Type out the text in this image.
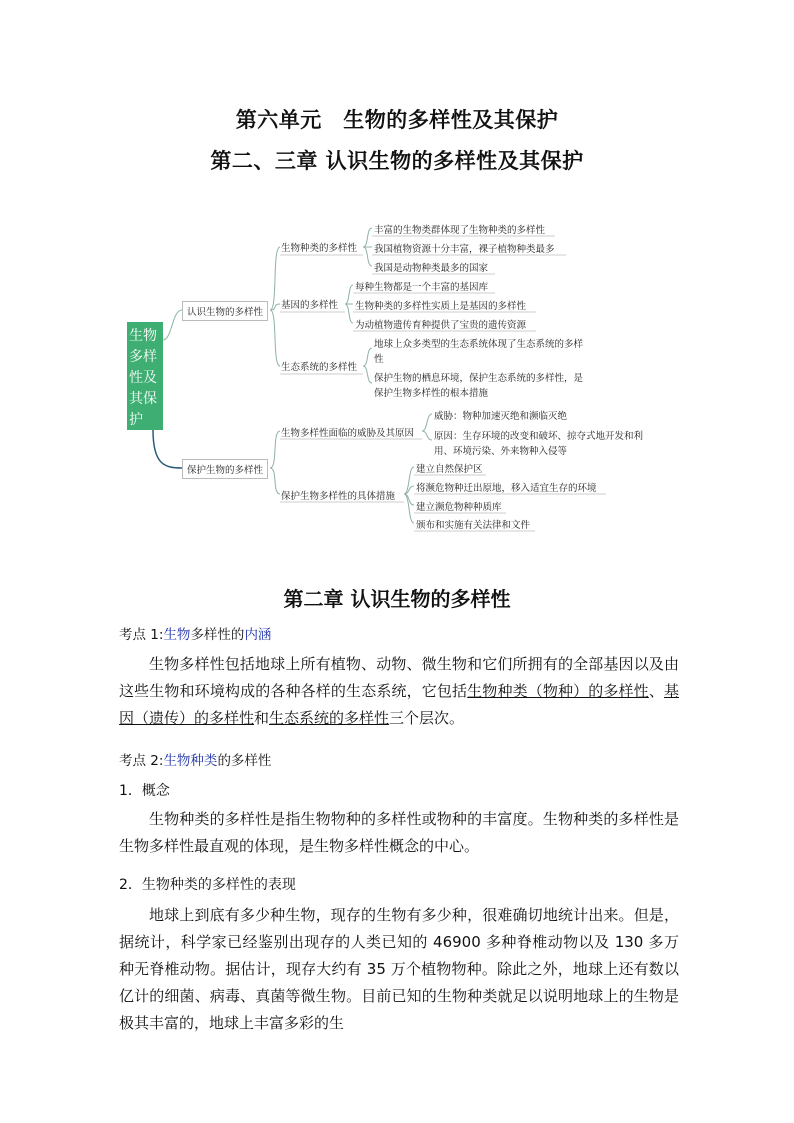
第六单元　生物的多样性及其保护
第二、三章 认识生物的多样性及其保护
生物多样性及其保护
认识生物的多样性
保护生物的多样性
生物种类的多样性
基因的多样性
生态系统的多样性
丰富的生物类群体现了生物种类的多样性
我国植物资源十分丰富，裸子植物种类最多
我国是动物种类最多的国家
每种生物都是一个丰富的基因库
生物种类的多样性实质上是基因的多样性
为动植物遗传育种提供了宝贵的遗传资源
地球上众多类型的生态系统体现了生态系统的多样
性
保护生物的栖息环境，保护生态系统的多样性，是
保护生物多样性的根本措施
生物多样性面临的威胁及其原因
保护生物多样性的具体措施
威胁：物种加速灭绝和濒临灭绝
原因：生存环境的改变和破坏、掠夺式地开发和利
用、环境污染、外来物种入侵等
建立自然保护区
将濒危物种迁出原地，移入适宜生存的环境
建立濒危物种种质库
颁布和实施有关法律和文件
第二章 认识生物的多样性
考点 1:生物多样性的内涵

生物多样性包括地球上所有植物、动物、微生物和它们所拥有的全部基因以及由这些生物和环境构成的各种各样的生态系统，它包括生物种类（物种）的多样性、基因（遗传）的多样性和生态系统的多样性三个层次。

考点 2:生物种类的多样性
1．概念

生物种类的多样性是指生物物种的多样性或物种的丰富度。生物种类的多样性是生物多样性最直观的体现，是生物多样性概念的中心。

2．生物种类的多样性的表现

地球上到底有多少种生物，现存的生物有多少种，很难确切地统计出来。但是，据统计，科学家已经鉴别出现存的人类已知的 46900 多种脊椎动物以及 130 多万种无脊椎动物。据估计，现存大约有 35 万个植物物种。除此之外，地球上还有数以亿计的细菌、病毒、真菌等微生物。目前已知的生物种类就足以说明地球上的生物是极其丰富的，地球上丰富多彩的生
